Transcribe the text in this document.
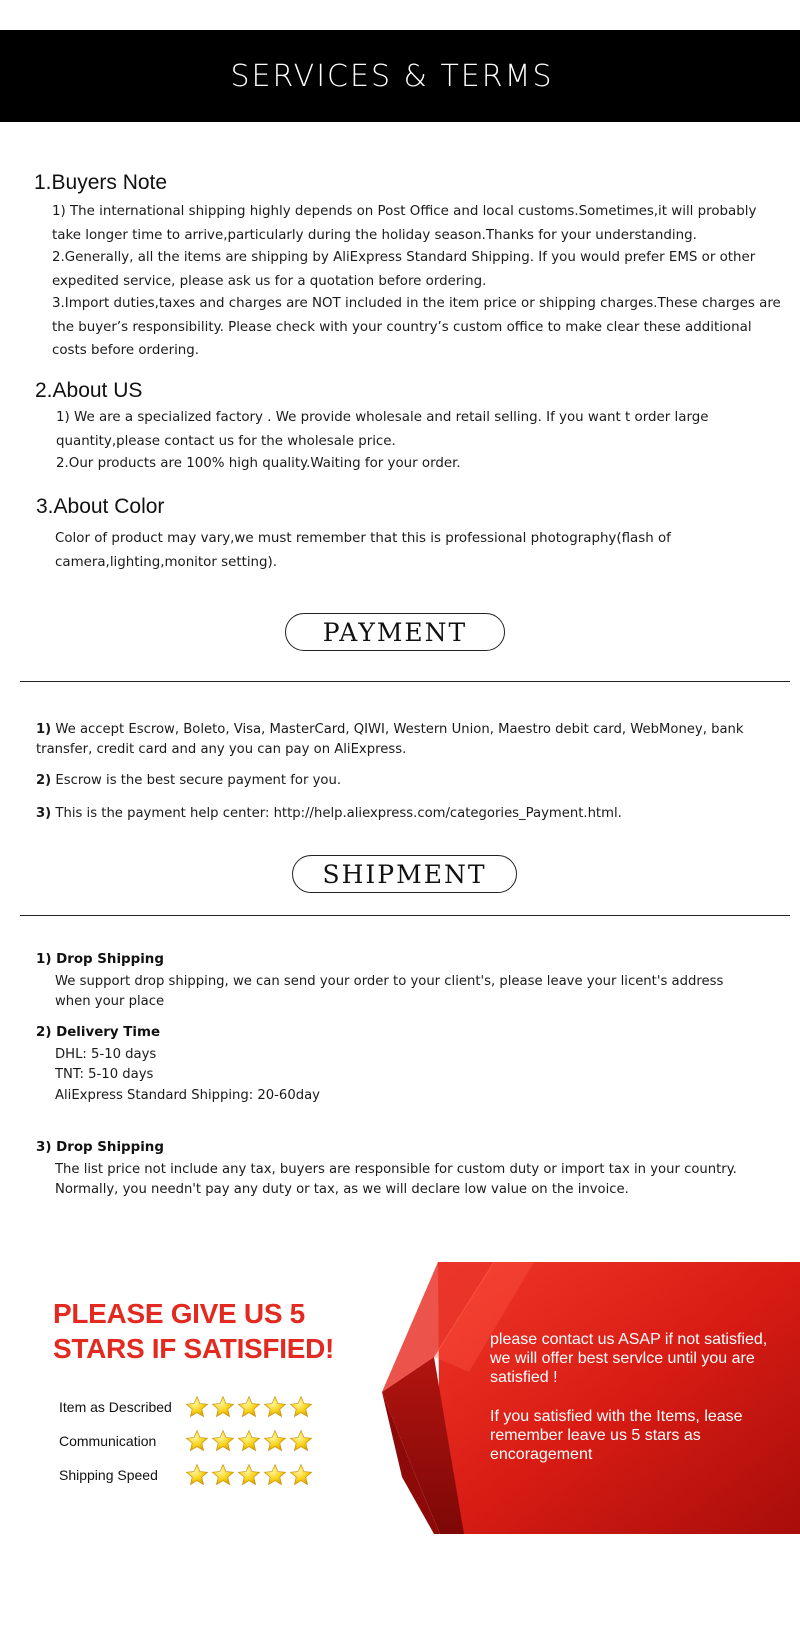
SERVICES & TERMS
1.Buyers Note

1) The international shipping highly depends on Post Office and local customs.Sometimes,it will probably take longer time to arrive,particularly during the holiday season.Thanks for your understanding.

2.Generally, all the items are shipping by AliExpress Standard Shipping. If you would prefer EMS or other expedited service, please ask us for a quotation before ordering.

3.Import duties,taxes and charges are NOT included in the item price or shipping charges.These charges are the buyer’s responsibility. Please check with your country’s custom office to make clear these additional costs before ordering.

2.About US

1) We are a specialized factory . We provide wholesale and retail selling. If you want t order large quantity,please contact us for the wholesale price.

2.Our products are 100% high quality.Waiting for your order.

3.About Color

Color of product may vary,we must remember that this is professional photography(flash of camera,lighting,monitor setting).

PAYMENT

1) We accept Escrow, Boleto, Visa, MasterCard, QIWI, Western Union, Maestro debit card, WebMoney, bank transfer, credit card and any you can pay on AliExpress.

2) Escrow is the best secure payment for you.

3) This is the payment help center: http://help.aliexpress.com/categories_Payment.html.

SHIPMENT
1) Drop Shipping

We support drop shipping, we can send your order to your client's, please leave your licent's address

when your place

2) Delivery Time

DHL: 5-10 days

TNT: 5-10 days

AliExpress Standard Shipping: 20-60day

3) Drop Shipping

The list price not include any tax, buyers are responsible for custom duty or import tax in your country.

Normally, you needn't pay any duty or tax, as we will declare low value on the invoice.

PLEASE GIVE US 5
STARS IF SATISFIED!
Item as Described
Communication
Shipping Speed

please contact us ASAP if not satisfied, we will offer best servlce until you are satisfied !

If you satisfied with the Items, lease remember leave us 5 stars as encoragement
